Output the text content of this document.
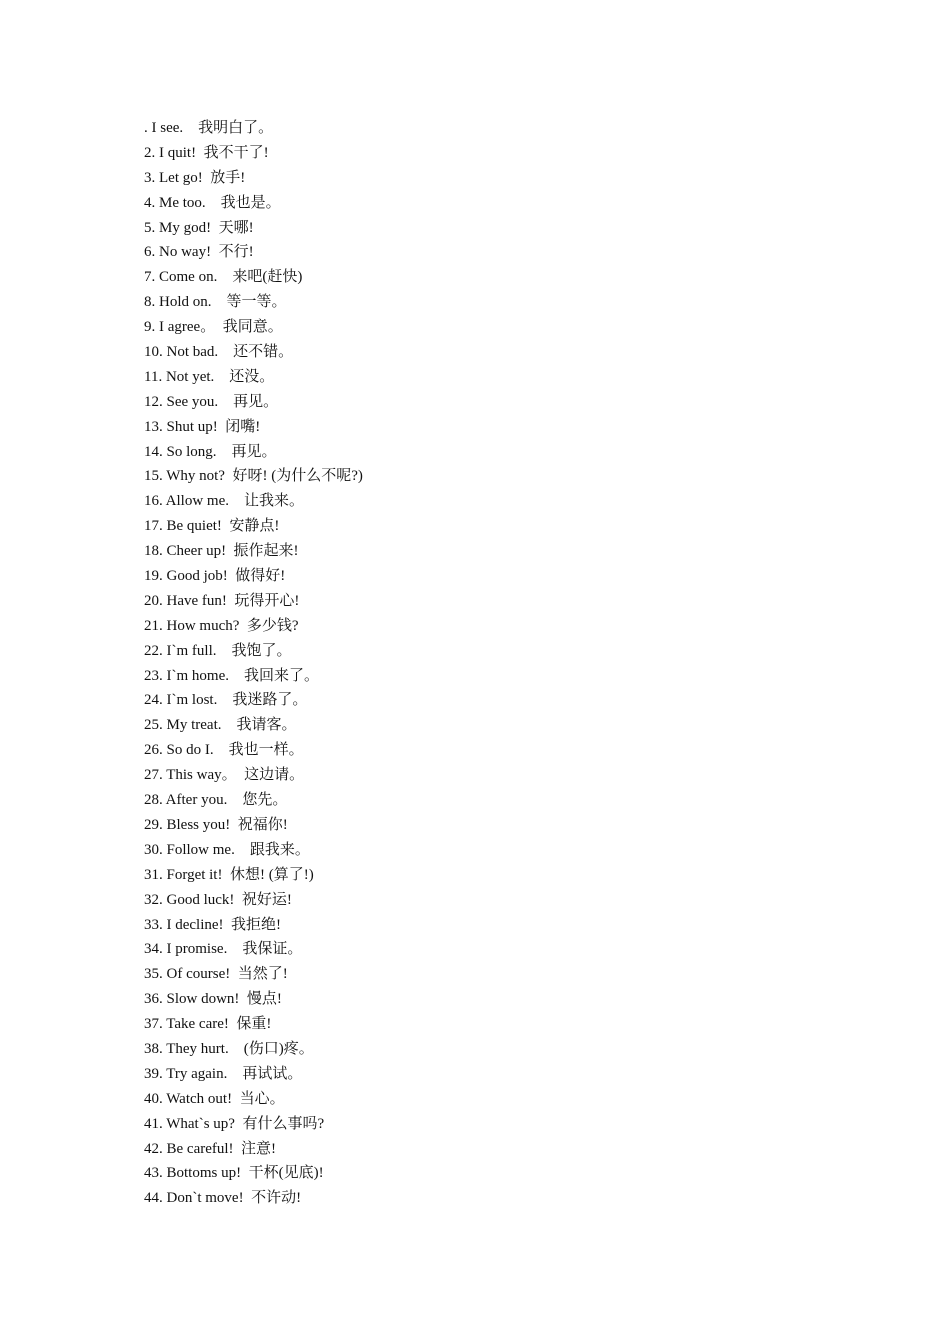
. I see.    我明白了。
2. I quit!  我不干了!
3. Let go!  放手!
4. Me too.    我也是。
5. My god!  天哪!
6. No way!  不行!
7. Come on.    来吧(赶快)
8. Hold on.    等一等。
9. I agree。  我同意。
10. Not bad.    还不错。
11. Not yet.    还没。
12. See you.    再见。
13. Shut up!  闭嘴!
14. So long.    再见。
15. Why not?  好呀! (为什么不呢?)
16. Allow me.    让我来。
17. Be quiet!  安静点!
18. Cheer up!  振作起来!
19. Good job!  做得好!
20. Have fun!  玩得开心!
21. How much?  多少钱?
22. I`m full.    我饱了。
23. I`m home.    我回来了。
24. I`m lost.    我迷路了。
25. My treat.    我请客。
26. So do I.    我也一样。
27. This way。  这边请。
28. After you.    您先。
29. Bless you!  祝福你!
30. Follow me.    跟我来。
31. Forget it!  休想! (算了!)
32. Good luck!  祝好运!
33. I decline!  我拒绝!
34. I promise.    我保证。
35. Of course!  当然了!
36. Slow down!  慢点!
37. Take care!  保重!
38. They hurt.    (伤口)疼。
39. Try again.    再试试。
40. Watch out!  当心。
41. What`s up?  有什么事吗?
42. Be careful!  注意!
43. Bottoms up!  干杯(见底)!
44. Don`t move!  不许动!
